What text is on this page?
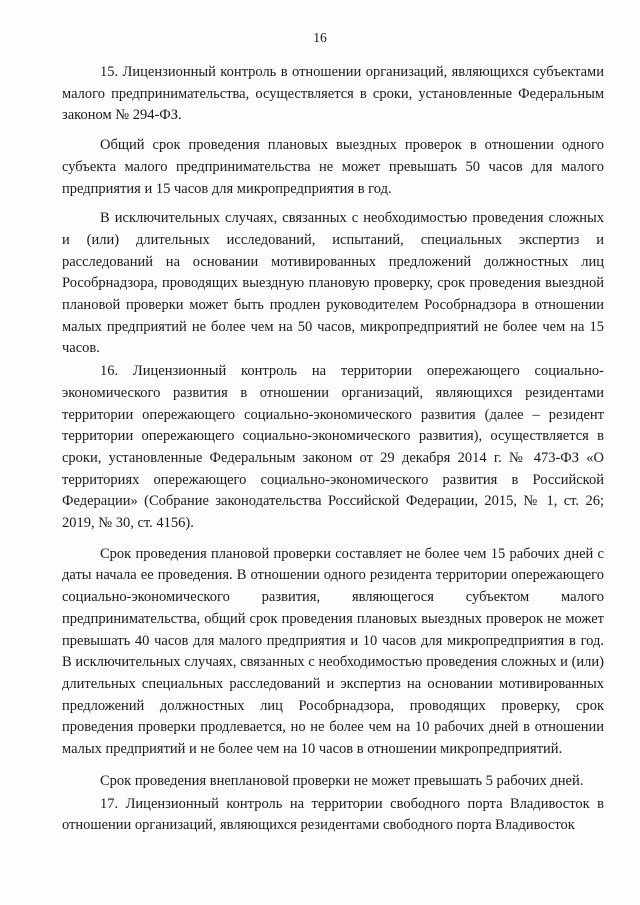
16

15. Лицензионный контроль в отношении организаций, являющихся субъектами малого предпринимательства, осуществляется в сроки, установленные Федеральным законом № 294-ФЗ.

Общий срок проведения плановых выездных проверок в отношении одного субъекта малого предпринимательства не может превышать 50 часов для малого предприятия и 15 часов для микропредприятия в год.

В исключительных случаях, связанных с необходимостью проведения сложных и (или) длительных исследований, испытаний, специальных экспертиз и расследований на основании мотивированных предложений должностных лиц Рособрнадзора, проводящих выездную плановую проверку, срок проведения выездной плановой проверки может быть продлен руководителем Рособрнадзора в отношении малых предприятий не более чем на 50 часов, микропредприятий не более чем на 15 часов.

16. Лицензионный контроль на территории опережающего социально-экономического развития в отношении организаций, являющихся резидентами территории опережающего социально-экономического развития (далее – резидент территории опережающего социально-экономического развития), осуществляется в сроки, установленные Федеральным законом от 29 декабря 2014 г. № 473-ФЗ «О территориях опережающего социально-экономического развития в Российской Федерации» (Собрание законодательства Российской Федерации, 2015, № 1, ст. 26; 2019, № 30, ст. 4156).

Срок проведения плановой проверки составляет не более чем 15 рабочих дней с даты начала ее проведения. В отношении одного резидента территории опережающего социально-экономического развития, являющегося субъектом малого предпринимательства, общий срок проведения плановых выездных проверок не может превышать 40 часов для малого предприятия и 10 часов для микропредприятия в год. В исключительных случаях, связанных с необходимостью проведения сложных и (или) длительных специальных расследований и экспертиз на основании мотивированных предложений должностных лиц Рособрнадзора, проводящих проверку, срок проведения проверки продлевается, но не более чем на 10 рабочих дней в отношении малых предприятий и не более чем на 10 часов в отношении микропредприятий.

Срок проведения внеплановой проверки не может превышать 5 рабочих дней.

17. Лицензионный контроль на территории свободного порта Владивосток в отношении организаций, являющихся резидентами свободного порта Владивосток
